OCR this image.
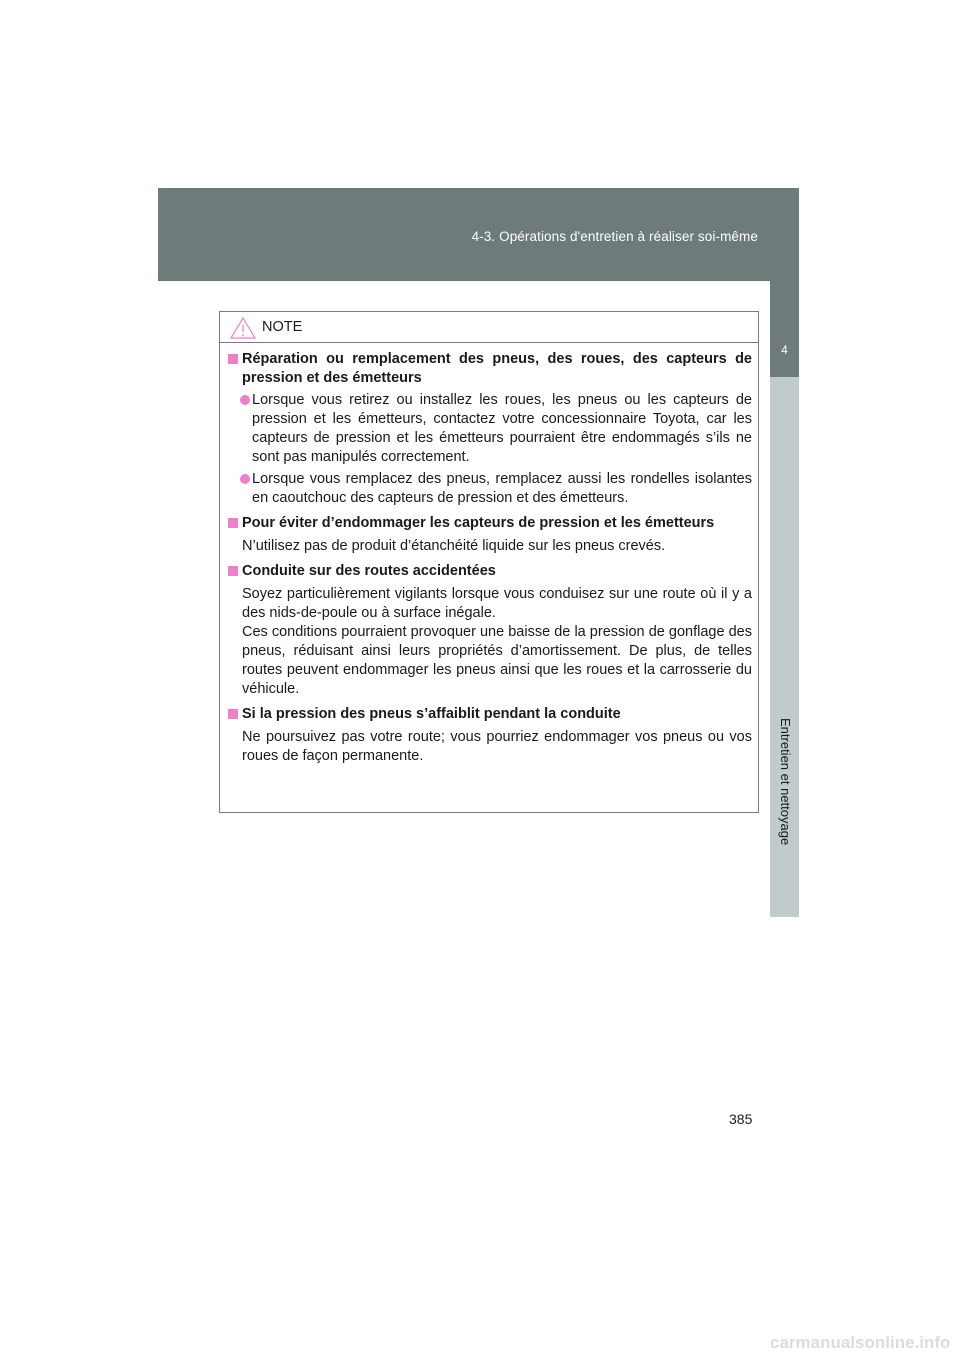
4-3. Opérations d'entretien à réaliser soi-même
4
Entretien et nettoyage
NOTE
Réparation ou remplacement des pneus, des roues, des capteurs de pression et des émetteurs
Lorsque vous retirez ou installez les roues, les pneus ou les capteurs de pression et les émetteurs, contactez votre concessionnaire Toyota, car les capteurs de pression et les émetteurs pourraient être endommagés s’ils ne sont pas manipulés correctement.
Lorsque vous remplacez des pneus, remplacez aussi les rondelles isolantes en caoutchouc des capteurs de pression et des émetteurs.
Pour éviter d’endommager les capteurs de pression et les émetteurs
N’utilisez pas de produit d’étanchéité liquide sur les pneus crevés.
Conduite sur des routes accidentées
Soyez particulièrement vigilants lorsque vous conduisez sur une route où il y a des nids-de-poule ou à surface inégale.
Ces conditions pourraient provoquer une baisse de la pression de gonflage des pneus, réduisant ainsi leurs propriétés d’amortissement. De plus, de telles routes peuvent endommager les pneus ainsi que les roues et la carrosserie du véhicule.
Si la pression des pneus s’affaiblit pendant la conduite
Ne poursuivez pas votre route; vous pourriez endommager vos pneus ou vos roues de façon permanente.
385
carmanualsonline.info
